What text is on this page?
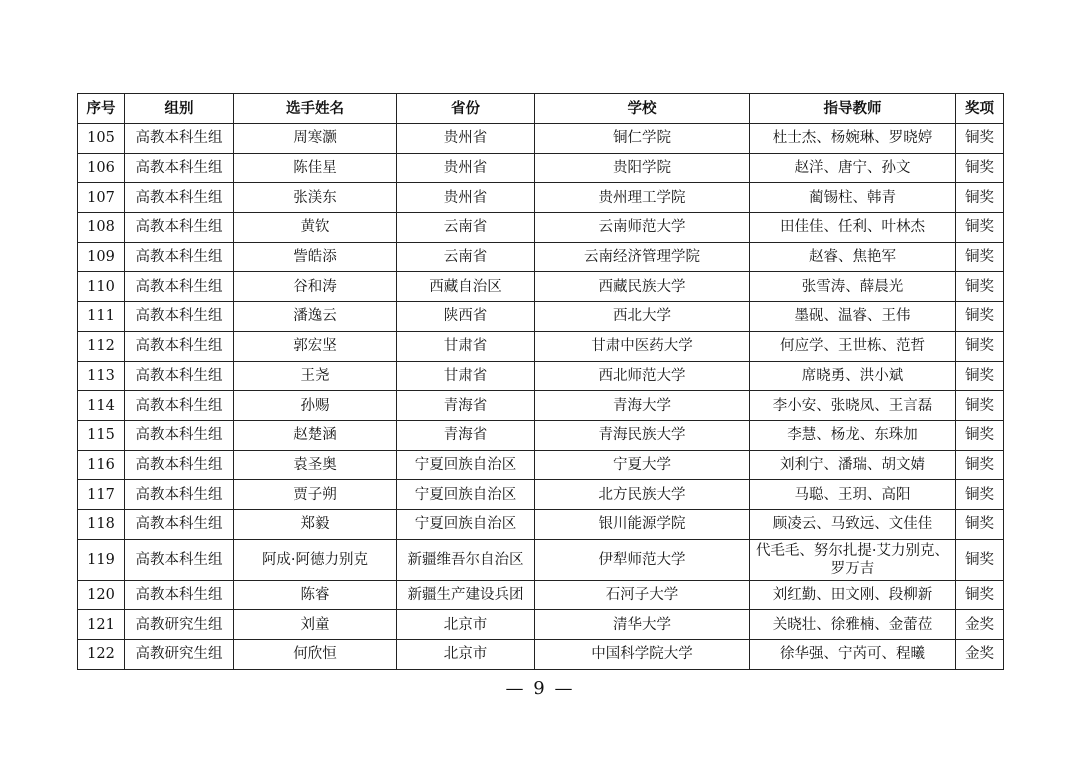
序号	组别	选手姓名	省份	学校	指导教师	奖项
105	高教本科生组	周寒灏	贵州省	铜仁学院	杜士杰、杨婉琳、罗晓婷	铜奖
106	高教本科生组	陈佳星	贵州省	贵阳学院	赵洋、唐宁、孙文	铜奖
107	高教本科生组	张渼东	贵州省	贵州理工学院	蔺锡柱、韩青	铜奖
108	高教本科生组	黄钦	云南省	云南师范大学	田佳佳、任利、叶林杰	铜奖
109	高教本科生组	訾皓添	云南省	云南经济管理学院	赵睿、焦艳军	铜奖
110	高教本科生组	谷和涛	西藏自治区	西藏民族大学	张雪涛、薛晨光	铜奖
111	高教本科生组	潘逸云	陕西省	西北大学	墨砚、温睿、王伟	铜奖
112	高教本科生组	郭宏坚	甘肃省	甘肃中医药大学	何应学、王世栋、范哲	铜奖
113	高教本科生组	王尧	甘肃省	西北师范大学	席晓勇、洪小斌	铜奖
114	高教本科生组	孙赐	青海省	青海大学	李小安、张晓凤、王言磊	铜奖
115	高教本科生组	赵楚涵	青海省	青海民族大学	李慧、杨龙、东珠加	铜奖
116	高教本科生组	袁圣奥	宁夏回族自治区	宁夏大学	刘利宁、潘瑞、胡文婧	铜奖
117	高教本科生组	贾子朔	宁夏回族自治区	北方民族大学	马聪、王玥、高阳	铜奖
118	高教本科生组	郑毅	宁夏回族自治区	银川能源学院	顾凌云、马致远、文佳佳	铜奖
119	高教本科生组	阿成·阿德力别克	新疆维吾尔自治区	伊犁师范大学	代毛毛、努尔扎提·艾力别克、罗万吉	铜奖
120	高教本科生组	陈睿	新疆生产建设兵团	石河子大学	刘红勤、田文刚、段柳新	铜奖
121	高教研究生组	刘童	北京市	清华大学	关晓壮、徐雅楠、金蕾莅	金奖
122	高教研究生组	何欣恒	北京市	中国科学院大学	徐华强、宁芮可、程曦	金奖
— 9 —
